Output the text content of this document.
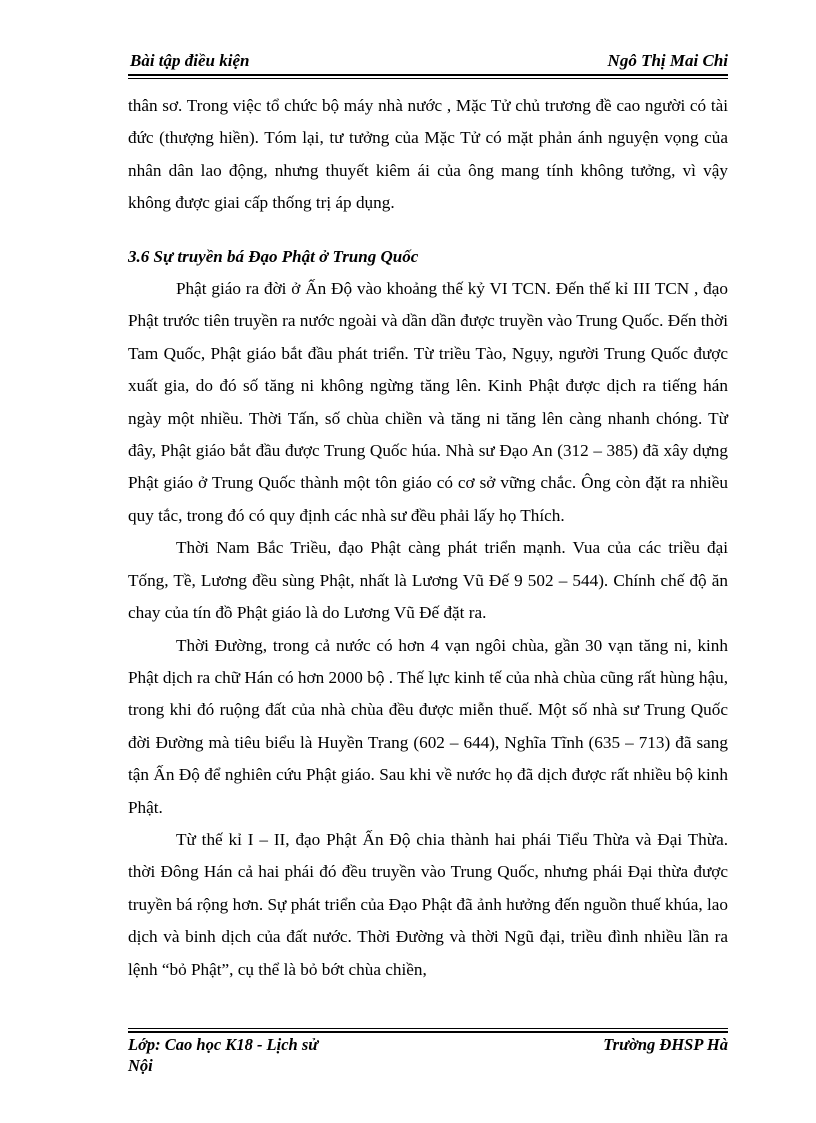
Bài tập điều kiện	Ngô Thị Mai Chi

thân sơ. Trong việc tổ chức bộ máy nhà nước , Mặc Tử chủ trương đề cao người có tài đức (thượng hiền). Tóm lại, tư tưởng của Mặc Tử có mặt phản ánh nguyện vọng của nhân dân lao động, nhưng thuyết kiêm ái của ông mang tính không tưởng, vì vậy không được giai cấp thống trị áp dụng.

3.6 Sự truyền bá Đạo Phật ở Trung Quốc

Phật giáo ra đời ở Ấn Độ vào khoảng thế kỷ VI TCN. Đến thế kỉ III TCN , đạo Phật trước tiên truyền ra nước ngoài và dần dần được truyền vào Trung Quốc. Đến thời Tam Quốc, Phật giáo bắt đầu phát triển. Từ triều Tào, Ngụy, người Trung Quốc được xuất gia, do đó số tăng ni không ngừng tăng lên. Kinh Phật được dịch ra tiếng hán ngày một nhiều. Thời Tấn, số chùa chiền và tăng ni tăng lên càng nhanh chóng. Từ đây, Phật giáo bắt đầu được Trung Quốc húa. Nhà sư Đạo An (312 – 385) đã xây dựng Phật giáo ở Trung Quốc thành một tôn giáo có cơ sở vững chắc. Ông còn đặt ra nhiều quy tắc, trong đó có quy định các nhà sư đều phải lấy họ Thích.

Thời Nam Bắc Triều, đạo Phật càng phát triển mạnh. Vua của các triều đại Tống, Tề, Lương đều sùng Phật, nhất là Lương Vũ Đế 9 502 – 544). Chính chế độ ăn chay của tín đồ Phật giáo là do Lương Vũ Đế đặt ra.

Thời Đường, trong cả nước có hơn 4 vạn ngôi chùa, gần 30 vạn tăng ni, kinh Phật dịch ra chữ Hán có hơn 2000 bộ . Thế lực kinh tế của nhà chùa cũng rất hùng hậu, trong khi đó ruộng đất của nhà chùa đều được miễn thuế. Một số nhà sư Trung Quốc đời Đường mà tiêu biểu là Huyền Trang (602 – 644), Nghĩa Tĩnh (635 – 713) đã sang tận Ấn Độ để nghiên cứu Phật giáo. Sau khi về nước họ đã dịch được rất nhiều bộ kinh Phật.

Từ thế kỉ I – II, đạo Phật Ấn Độ chia thành hai phái Tiểu Thừa và Đại Thừa. thời Đông Hán cả hai phái đó đều truyền vào Trung Quốc, nhưng phái Đại thừa được truyền bá rộng hơn. Sự phát triển của Đạo Phật đã ảnh hưởng đến nguồn thuế khúa, lao dịch và binh dịch của đất nước. Thời Đường và thời Ngũ đại, triều đình nhiều lần ra lệnh “bỏ Phật”, cụ thể là bỏ bớt chùa chiền,

Lớp: Cao học K18 - Lịch sử	Trường ĐHSP Hà
Nội
